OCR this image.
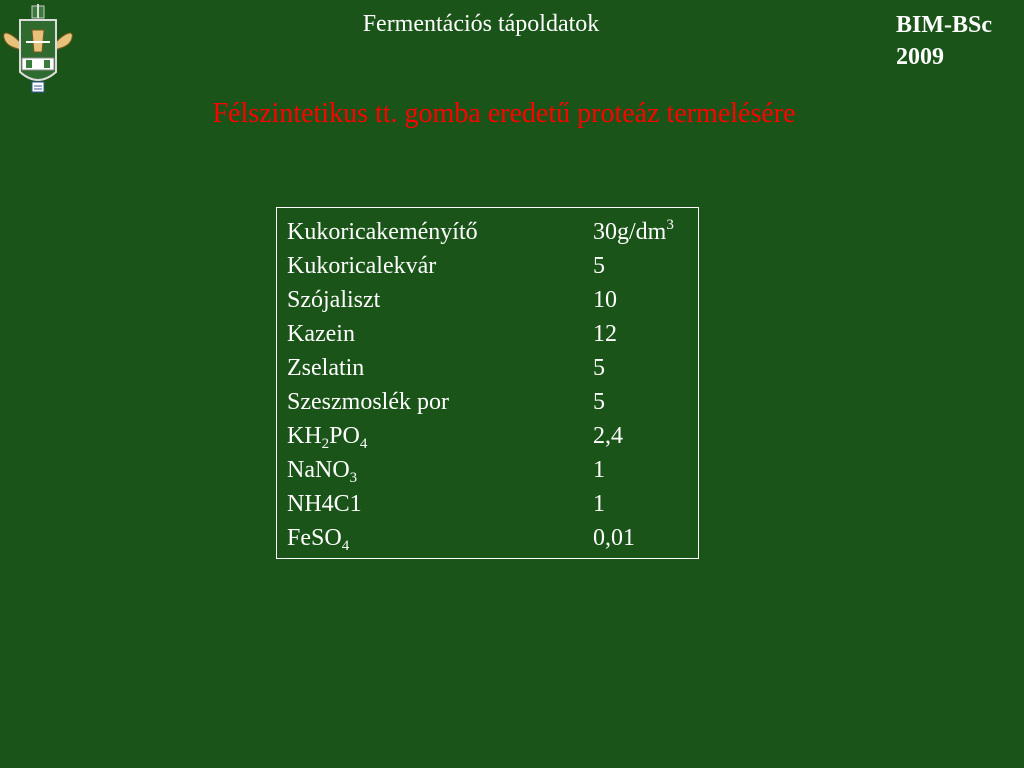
Fermentációs tápoldatok	BIM-BSc
2009
Félszintetikus tt. gomba eredetű proteáz termelésére
Kukoricakeményítő	$30g/dm^3$
Kukoricalekvár	5
Szójaliszt	10
Kazein	12
Zselatin	5
Szeszmoslék por	5
$KH_2PO_4$	2,4
NaNO$_3$	1
NH4C1	1
FeSO$_4$	0,01
